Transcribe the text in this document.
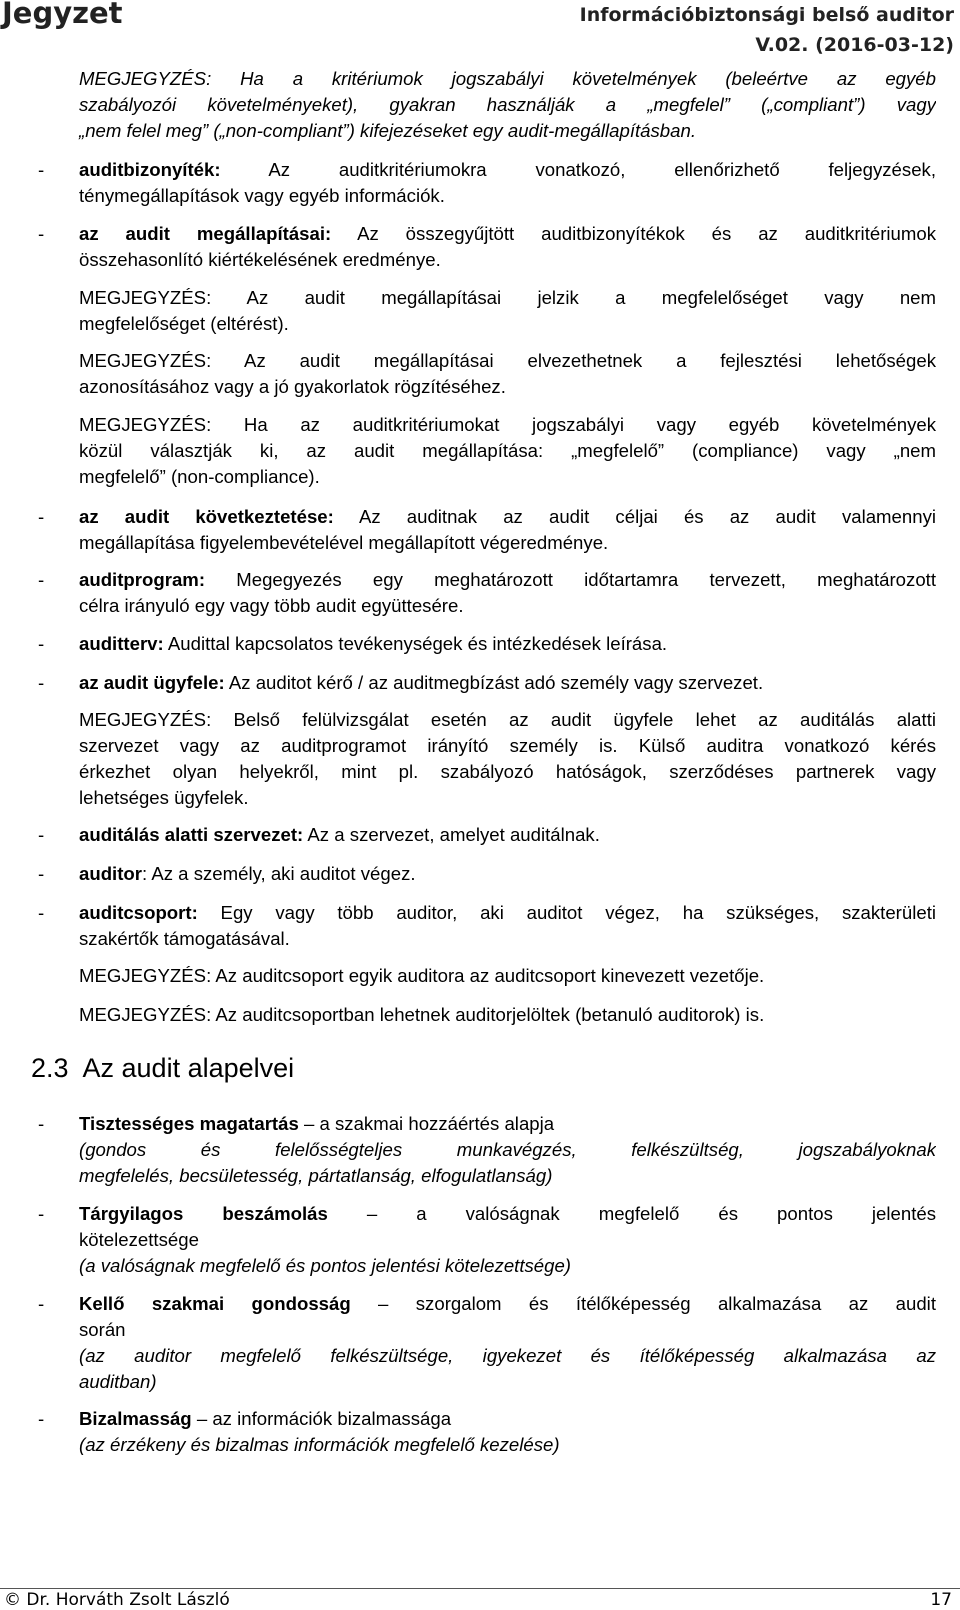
Jegyzet	Információbiztonsági belső auditor
V.02. (2016-03-12)
MEGJEGYZÉS: Ha a kritériumok jogszabályi követelmények (beleértve az egyéb
szabályozói követelményeket), gyakran használják a „megfelel” („compliant”) vagy
„nem felel meg” („non-compliant”) kifejezéseket egy audit-megállapításban.
- auditbizonyíték: Az auditkritériumokra vonatkozó, ellenőrizhető feljegyzések,
ténymegállapítások vagy egyéb információk.
- az audit megállapításai: Az összegyűjtött auditbizonyítékok és az auditkritériumok
összehasonlító kiértékelésének eredménye.
MEGJEGYZÉS: Az audit megállapításai jelzik a megfelelőséget vagy nem
megfelelőséget (eltérést).
MEGJEGYZÉS: Az audit megállapításai elvezethetnek a fejlesztési lehetőségek
azonosításához vagy a jó gyakorlatok rögzítéséhez.
MEGJEGYZÉS: Ha az auditkritériumokat jogszabályi vagy egyéb követelmények
közül választják ki, az audit megállapítása: „megfelelő” (compliance) vagy „nem
megfelelő” (non-compliance).
- az audit következtetése: Az auditnak az audit céljai és az audit valamennyi
megállapítása figyelembevételével megállapított végeredménye.
- auditprogram: Megegyezés egy meghatározott időtartamra tervezett, meghatározott
célra irányuló egy vagy több audit együttesére.
- auditterv: Audittal kapcsolatos tevékenységek és intézkedések leírása.
- az audit ügyfele: Az auditot kérő / az auditmegbízást adó személy vagy szervezet.
MEGJEGYZÉS: Belső felülvizsgálat esetén az audit ügyfele lehet az auditálás alatti
szervezet vagy az auditprogramot irányító személy is. Külső auditra vonatkozó kérés
érkezhet olyan helyekről, mint pl. szabályozó hatóságok, szerződéses partnerek vagy
lehetséges ügyfelek.
- auditálás alatti szervezet: Az a szervezet, amelyet auditálnak.
- auditor: Az a személy, aki auditot végez.
- auditcsoport: Egy vagy több auditor, aki auditot végez, ha szükséges, szakterületi
szakértők támogatásával.
MEGJEGYZÉS: Az auditcsoport egyik auditora az auditcsoport kinevezett vezetője.
MEGJEGYZÉS: Az auditcsoportban lehetnek auditorjelöltek (betanuló auditorok) is.
2.3 Az audit alapelvei
- Tisztességes magatartás – a szakmai hozzáértés alapja
(gondos és felelősségteljes munkavégzés, felkészültség, jogszabályoknak
megfelelés, becsületesség, pártatlanság, elfogulatlanság)
- Tárgyilagos beszámolás – a valóságnak megfelelő és pontos jelentés
kötelezettsége
(a valóságnak megfelelő és pontos jelentési kötelezettsége)
- Kellő szakmai gondosság – szorgalom és ítélőképesség alkalmazása az audit
során
(az auditor megfelelő felkészültsége, igyekezet és ítélőképesség alkalmazása az
auditban)
- Bizalmasság – az információk bizalmassága
(az érzékeny és bizalmas információk megfelelő kezelése)
© Dr. Horváth Zsolt László	17
